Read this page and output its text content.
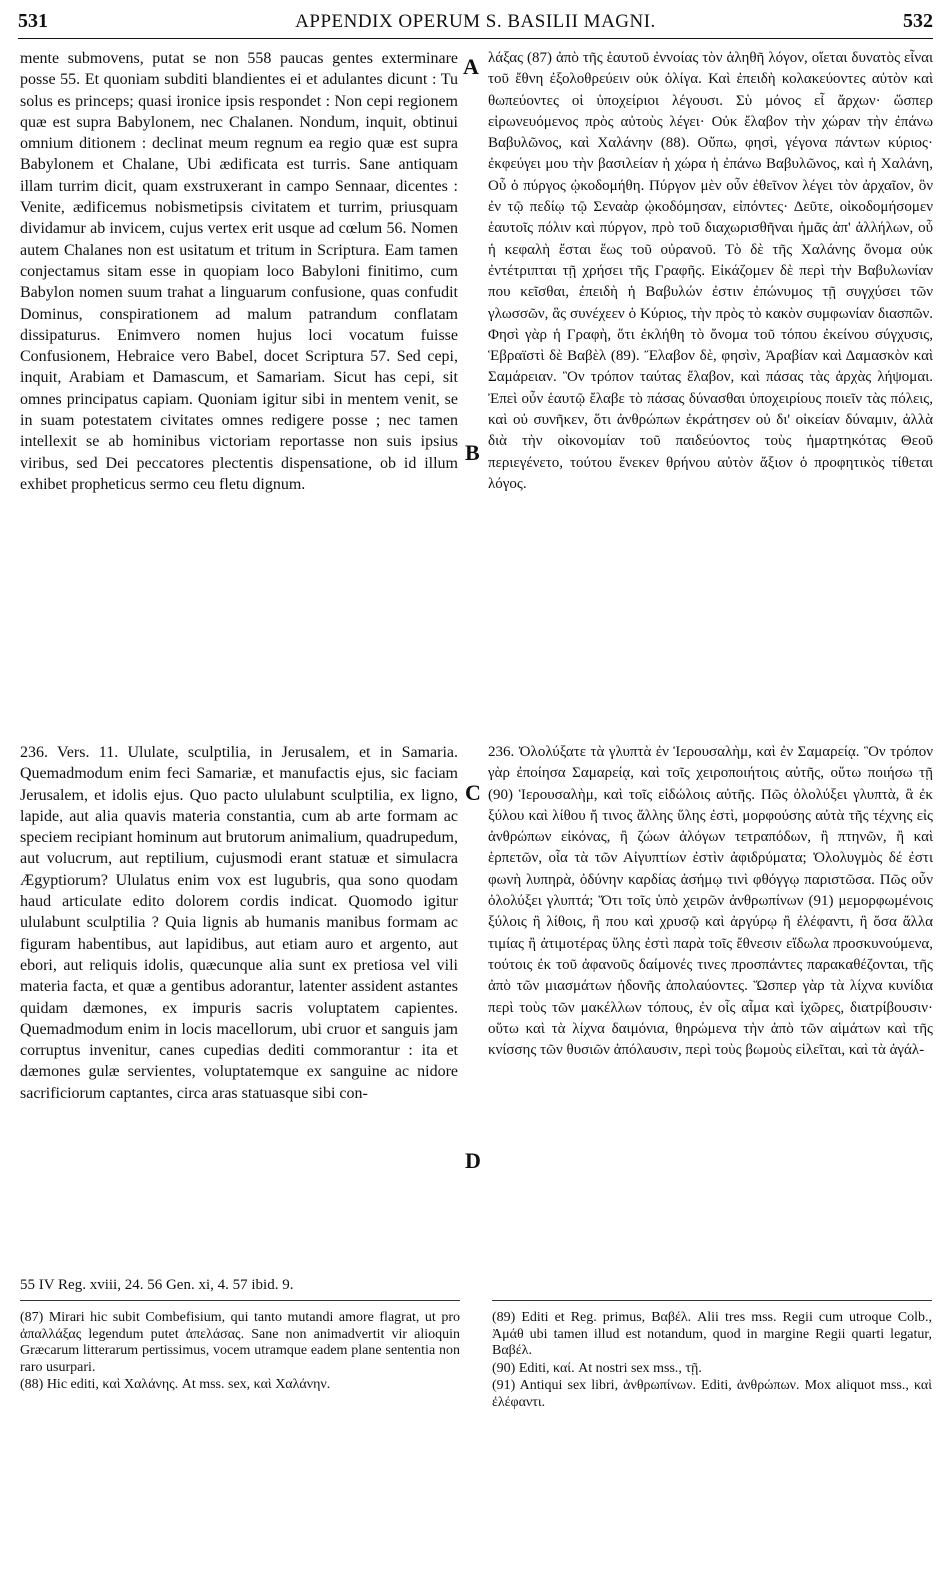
531	APPENDIX OPERUM S. BASILII MAGNI.	532
A
B
C
D

mente submovens, putat se non 558 paucas gentes exterminare posse 55. Et quoniam subditi blandientes ei et adulantes dicunt : Tu solus es princeps; quasi ironice ipsis respondet : Non cepi regionem quæ est supra Babylonem, nec Chalanen. Nondum, inquit, obtinui omnium ditionem : declinat meum regnum ea regio quæ est supra Babylonem et Chalane, Ubi ædificata est turris. Sane antiquam illam turrim dicit, quam exstruxerant in campo Sennaar, dicentes : Venite, ædificemus nobismetipsis civitatem et turrim, priusquam dividamur ab invicem, cujus vertex erit usque ad cœlum 56. Nomen autem Chalanes non est usitatum et tritum in Scriptura. Eam tamen conjectamus sitam esse in quopiam loco Babyloni finitimo, cum Babylon nomen suum trahat a linguarum confusione, quas confudit Dominus, conspirationem ad malum patrandum conflatam dissipaturus. Enimvero nomen hujus loci vocatum fuisse Confusionem, Hebraice vero Babel, docet Scriptura 57. Sed cepi, inquit, Arabiam et Damascum, et Samariam. Sicut has cepi, sit omnes principatus capiam. Quoniam igitur sibi in mentem venit, se in suam potestatem civitates omnes redigere posse ; nec tamen intellexit se ab hominibus victoriam reportasse non suis ipsius viribus, sed Dei peccatores plectentis dispensatione, ob id illum exhibet propheticus sermo ceu fletu dignum.

λάξας (87) ἀπὸ τῆς ἑαυτοῦ ἐννοίας τὸν ἀληθῆ λόγον, οἴεται δυνατὸς εἶναι τοῦ ἔθνη ἐξολοθρεύειν οὐκ ὀλίγα. Καὶ ἐπειδὴ κολακεύοντες αὐτὸν καὶ θωπεύοντες οἱ ὑποχείριοι λέγουσι. Σὺ μόνος εἶ ἄρχων· ὥσπερ εἰρωνευόμενος πρὸς αὐτοὺς λέγει· Οὐκ ἔλαβον τὴν χώραν τὴν ἐπάνω Βαβυλῶνος, καὶ Χαλάνην (88). Οὔπω, φησὶ, γέγονα πάντων κύριος· ἐκφεύγει μου τὴν βασιλείαν ἡ χώρα ἡ ἐπάνω Βαβυλῶνος, καὶ ἡ Χαλάνη, Οὗ ὁ πύργος ᾠκοδομήθη. Πύργον μὲν οὖν ἐθεῖνον λέγει τὸν ἀρχαῖον, ὃν ἐν τῷ πεδίῳ τῷ Σεναὰρ ᾠκοδόμησαν, εἰπόντες· Δεῦτε, οἰκοδομήσομεν ἑαυτοῖς πόλιν καὶ πύργον, πρὸ τοῦ διαχωρισθῆναι ἡμᾶς ἀπ' ἀλλήλων, οὗ ἡ κεφαλὴ ἔσται ἕως τοῦ οὐρανοῦ. Τὸ δὲ τῆς Χαλάνης ὄνομα οὐκ ἐντέτριπται τῇ χρήσει τῆς Γραφῆς. Εἰκάζομεν δὲ περὶ τὴν Βαβυλωνίαν που κεῖσθαι, ἐπειδὴ ἡ Βαβυλών ἐστιν ἐπώνυμος τῇ συγχύσει τῶν γλωσσῶν, ἃς συνέχεεν ὁ Κύριος, τὴν πρὸς τὸ κακὸν συμφωνίαν διασπῶν. Φησὶ γὰρ ἡ Γραφὴ, ὅτι ἐκλήθη τὸ ὄνομα τοῦ τόπου ἐκείνου σύγχυσις, Ἑβραϊστὶ δὲ Βαβὲλ (89). Ἔλαβον δὲ, φησὶν, Ἀραβίαν καὶ Δαμασκὸν καὶ Σαμάρειαν. Ὃν τρόπον ταύτας ἔλαβον, καὶ πάσας τὰς ἀρχὰς λήψομαι. Ἐπεὶ οὖν ἑαυτῷ ἔλαβε τὸ πάσας δύνασθαι ὑποχειρίους ποιεῖν τὰς πόλεις, καὶ οὐ συνῆκεν, ὅτι ἀνθρώπων ἐκράτησεν οὐ δι' οἰκείαν δύναμιν, ἀλλὰ διὰ τὴν οἰκονομίαν τοῦ παιδεύοντος τοὺς ἡμαρτηκότας Θεοῦ περιεγένετο, τούτου ἕνεκεν θρήνου αὐτὸν ἄξιον ὁ προφητικὸς τίθεται λόγος.

236. Vers. 11. Ululate, sculptilia, in Jerusalem, et in Samaria. Quemadmodum enim feci Samariæ, et manufactis ejus, sic faciam Jerusalem, et idolis ejus. Quo pacto ululabunt sculptilia, ex ligno, lapide, aut alia quavis materia constantia, cum ab arte formam ac speciem recipiant hominum aut brutorum animalium, quadrupedum, aut volucrum, aut reptilium, cujusmodi erant statuæ et simulacra Ægyptiorum? Ululatus enim vox est lugubris, qua sono quodam haud articulate edito dolorem cordis indicat. Quomodo igitur ululabunt sculptilia ? Quia lignis ab humanis manibus formam ac figuram habentibus, aut lapidibus, aut etiam auro et argento, aut ebori, aut reliquis idolis, quæcunque alia sunt ex pretiosa vel vili materia facta, et quæ a gentibus adorantur, latenter assident astantes quidam dæmones, ex impuris sacris voluptatem capientes. Quemadmodum enim in locis macellorum, ubi cruor et sanguis jam corruptus invenitur, canes cupedias dediti commorantur : ita et dæmones gulæ servientes, voluptatemque ex sanguine ac nidore sacrificiorum captantes, circa aras statuasque sibi con-

236. Ὀλολύξατε τὰ γλυπτὰ ἐν Ἱερουσαλὴμ, καὶ ἐν Σαμαρείᾳ. Ὃν τρόπον γὰρ ἐποίησα Σαμαρείᾳ, καὶ τοῖς χειροποιήτοις αὐτῆς, οὕτω ποιήσω τῇ (90) Ἱερουσαλὴμ, καὶ τοῖς εἰδώλοις αὐτῆς. Πῶς ὀλολύξει γλυπτὰ, ἃ ἐκ ξύλου καὶ λίθου ἤ τινος ἄλλης ὕλης ἐστὶ, μορφούσης αὐτὰ τῆς τέχνης εἰς ἀνθρώπων εἰκόνας, ἢ ζώων ἀλόγων τετραπόδων, ἢ πτηνῶν, ἢ καὶ ἑρπετῶν, οἷα τὰ τῶν Αἰγυπτίων ἐστὶν ἀφιδρύματα; Ὀλολυγμὸς δέ ἐστι φωνὴ λυπηρὰ, ὀδύνην καρδίας ἀσήμῳ τινὶ φθόγγῳ παριστῶσα. Πῶς οὖν ὀλολύξει γλυπτά; Ὅτι τοῖς ὑπὸ χειρῶν ἀνθρωπίνων (91) μεμορφωμένοις ξύλοις ἢ λίθοις, ἢ που καὶ χρυσῷ καὶ ἀργύρῳ ἢ ἐλέφαντι, ἢ ὅσα ἄλλα τιμίας ἢ ἀτιμοτέρας ὕλης ἐστὶ παρὰ τοῖς ἔθνεσιν εἴδωλα προσκυνούμενα, τούτοις ἐκ τοῦ ἀφανοῦς δαίμονές τινες προσπάντες παρακαθέζονται, τῆς ἀπὸ τῶν μιασμάτων ἡδονῆς ἀπολαύοντες. Ὥσπερ γὰρ τὰ λίχνα κυνίδια περὶ τοὺς τῶν μακέλλων τόπους, ἐν οἷς αἷμα καὶ ἰχῶρες, διατρίβουσιν· οὕτω καὶ τὰ λίχνα δαιμόνια, θηρώμενα τὴν ἀπὸ τῶν αἱμάτων καὶ τῆς κνίσσης τῶν θυσιῶν ἀπόλαυσιν, περὶ τοὺς βωμοὺς εἱλεῖται, καὶ τὰ ἀγάλ-

55 IV Reg. xviii, 24. 56 Gen. xi, 4. 57 ibid. 9.

(87) Mirari hic subit Combefisium, qui tanto mutandi amore flagrat, ut pro ἀπαλλάξας legendum putet ἀπελάσας. Sane non animadvertit vir alioquin Græcarum litterarum pertissimus, vocem utramque eadem plane sententia non raro usurpari.

(88) Hic editi, καὶ Χαλάνης. At mss. sex, καὶ Χαλάνην.

(89) Editi et Reg. primus, Βαβέλ. Alii tres mss. Regii cum utroque Colb., Ἀμάθ ubi tamen illud est notandum, quod in margine Regii quarti legatur, Βαβέλ.

(90) Editi, καί. At nostri sex mss., τῇ.

(91) Antiqui sex libri, ἀνθρωπίνων. Editi, ἀνθρώπων. Mox aliquot mss., καὶ ἐλέφαντι.
